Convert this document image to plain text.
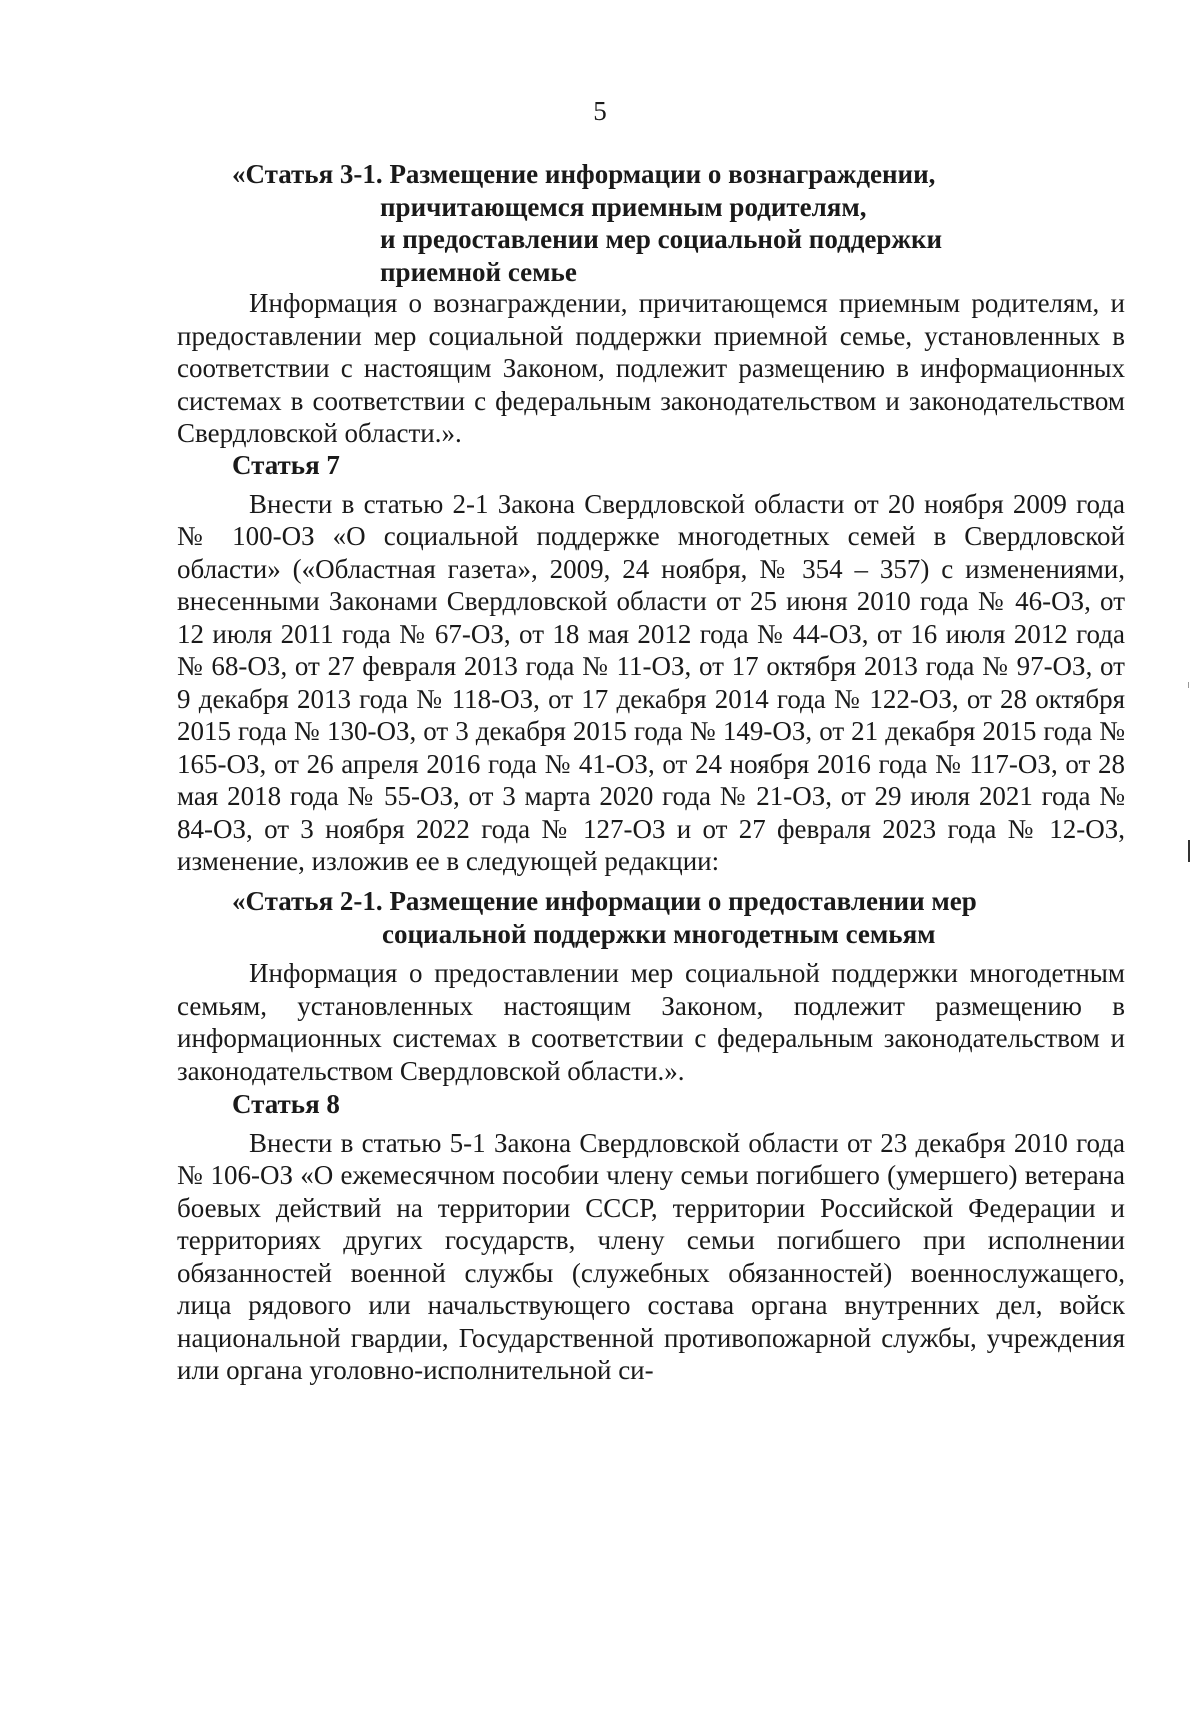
5
«Статья 3-1. Размещение информации о вознаграждении,
причитающемся приемным родителям,
и предоставлении мер социальной поддержки
приемной семье

Информация о вознаграждении, причитающемся приемным родителям, и предоставлении мер социальной поддержки приемной семье, установленных в соответствии с настоящим Законом, подлежит размещению в информационных системах в соответствии с федеральным законодательством и законодательством Свердловской области.».

Статья 7

Внести в статью 2-1 Закона Свердловской области от 20 ноября 2009 года № 100-ОЗ «О социальной поддержке многодетных семей в Свердловской области» («Областная газета», 2009, 24 ноября, № 354 – 357) с изменениями, внесенными Законами Свердловской области от 25 июня 2010 года № 46-ОЗ, от 12 июля 2011 года № 67-ОЗ, от 18 мая 2012 года № 44-ОЗ, от 16 июля 2012 года № 68-ОЗ, от 27 февраля 2013 года № 11-ОЗ, от 17 октября 2013 года № 97-ОЗ, от 9 декабря 2013 года № 118-ОЗ, от 17 декабря 2014 года № 122-ОЗ, от 28 октября 2015 года № 130-ОЗ, от 3 декабря 2015 года № 149-ОЗ, от 21 декабря 2015 года № 165-ОЗ, от 26 апреля 2016 года № 41-ОЗ, от 24 ноября 2016 года № 117-ОЗ, от 28 мая 2018 года № 55-ОЗ, от 3 марта 2020 года № 21-ОЗ, от 29 июля 2021 года № 84-ОЗ, от 3 ноября 2022 года № 127-ОЗ и от 27 февраля 2023 года № 12-ОЗ, изменение, изложив ее в следующей редакции:

«Статья 2-1. Размещение информации о предоставлении мер
социальной поддержки многодетным семьям

Информация о предоставлении мер социальной поддержки многодетным семьям, установленных настоящим Законом, подлежит размещению в информационных системах в соответствии с федеральным законодательством и законодательством Свердловской области.».

Статья 8

Внести в статью 5-1 Закона Свердловской области от 23 декабря 2010 года № 106-ОЗ «О ежемесячном пособии члену семьи погибшего (умершего) ветерана боевых действий на территории СССР, территории Российской Федерации и территориях других государств, члену семьи погибшего при исполнении обязанностей военной службы (служебных обязанностей) военнослужащего, лица рядового или начальствующего состава органа внутренних дел, войск национальной гвардии, Государственной противопожарной службы, учреждения или органа уголовно-исполнительной си-
